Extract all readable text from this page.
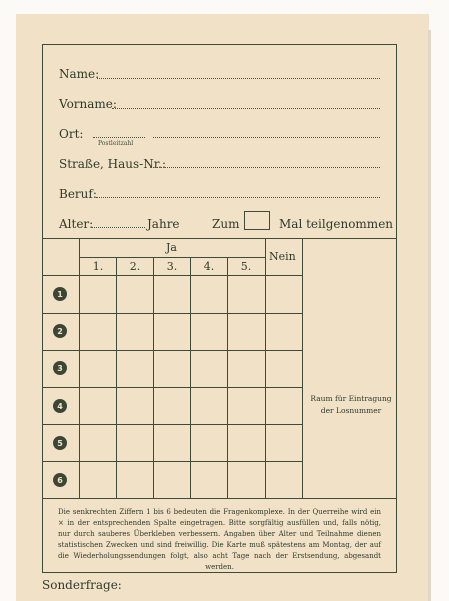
Name:
Vorname:
Ort:
Postleitzahl
Straße, Haus-Nr.:
Beruf:
Alter:	Jahre	Zum	Mal teilgenommen
Ja
Nein
1.	2.	3.	4.	5.
1
2
3
4
5
6
Raum für Eintragung der Losnummer
Die senkrechten Ziffern 1 bis 6 bedeuten die Fragenkomplexe. In der Querreihe wird ein × in der entsprechenden Spalte eingetragen. Bitte sorgfältig ausfüllen und, falls nötig, nur durch sauberes Überkleben verbessern. Angaben über Alter und Teilnahme dienen statistischen Zwecken und sind freiwillig. Die Karte muß spätestens am Montag, der auf die Wiederholungssendungen folgt, also acht Tage nach der Erstsendung, abgesandt werden.
Sonderfrage:
